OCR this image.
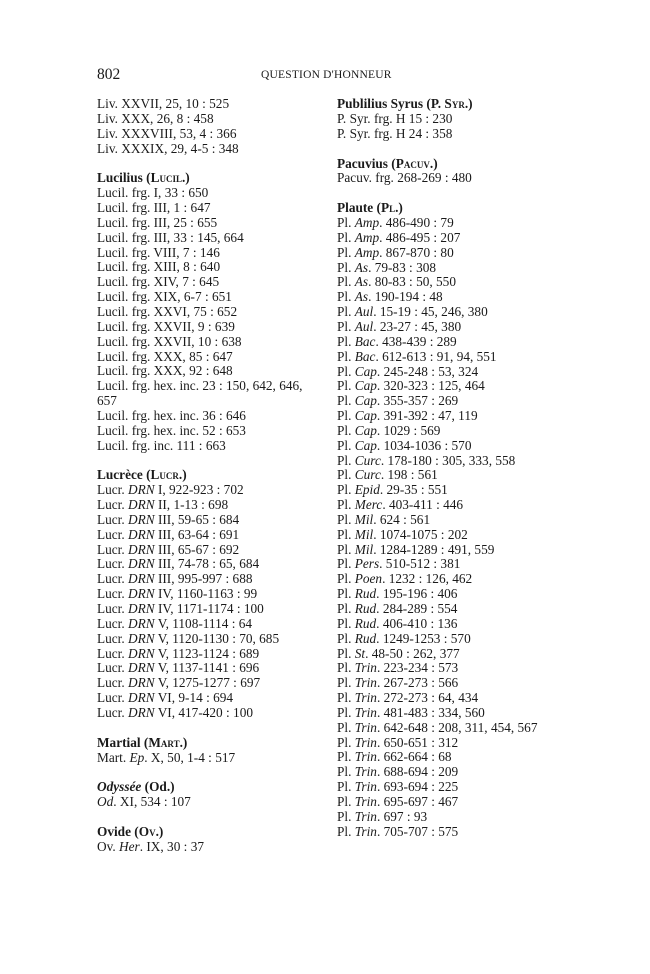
802	QUESTION D'HONNEUR
Liv. XXVII, 25, 10 : 525
Liv. XXX, 26, 8 : 458
Liv. XXXVIII, 53, 4 : 366
Liv. XXXIX, 29, 4-5 : 348
Lucilius (Lucil.)
Lucil. frg. I, 33 : 650
Lucil. frg. III, 1 : 647
Lucil. frg. III, 25 : 655
Lucil. frg. III, 33 : 145, 664
Lucil. frg. VIII, 7 : 146
Lucil. frg. XIII, 8 : 640
Lucil. frg. XIV, 7 : 645
Lucil. frg. XIX, 6-7 : 651
Lucil. frg. XXVI, 75 : 652
Lucil. frg. XXVII, 9 : 639
Lucil. frg. XXVII, 10 : 638
Lucil. frg. XXX, 85 : 647
Lucil. frg. XXX, 92 : 648
Lucil. frg. hex. inc. 23 : 150, 642, 646, 657
Lucil. frg. hex. inc. 36 : 646
Lucil. frg. hex. inc. 52 : 653
Lucil. frg. inc. 111 : 663
Lucrèce (Lucr.)
Lucr. DRN I, 922-923 : 702
Lucr. DRN II, 1-13 : 698
Lucr. DRN III, 59-65 : 684
Lucr. DRN III, 63-64 : 691
Lucr. DRN III, 65-67 : 692
Lucr. DRN III, 74-78 : 65, 684
Lucr. DRN III, 995-997 : 688
Lucr. DRN IV, 1160-1163 : 99
Lucr. DRN IV, 1171-1174 : 100
Lucr. DRN V, 1108-1114 : 64
Lucr. DRN V, 1120-1130 : 70, 685
Lucr. DRN V, 1123-1124 : 689
Lucr. DRN V, 1137-1141 : 696
Lucr. DRN V, 1275-1277 : 697
Lucr. DRN VI, 9-14 : 694
Lucr. DRN VI, 417-420 : 100
Martial (Mart.)
Mart. Ep. X, 50, 1-4 : 517
Odyssée (Od.)
Od. XI, 534 : 107
Ovide (Ov.)
Ov. Her. IX, 30 : 37
Publilius Syrus (P. Syr.)
P. Syr. frg. H 15 : 230
P. Syr. frg. H 24 : 358
Pacuvius (Pacuv.)
Pacuv. frg. 268-269 : 480
Plaute (Pl.)
Pl. Amp. 486-490 : 79
Pl. Amp. 486-495 : 207
Pl. Amp. 867-870 : 80
Pl. As. 79-83 : 308
Pl. As. 80-83 : 50, 550
Pl. As. 190-194 : 48
Pl. Aul. 15-19 : 45, 246, 380
Pl. Aul. 23-27 : 45, 380
Pl. Bac. 438-439 : 289
Pl. Bac. 612-613 : 91, 94, 551
Pl. Cap. 245-248 : 53, 324
Pl. Cap. 320-323 : 125, 464
Pl. Cap. 355-357 : 269
Pl. Cap. 391-392 : 47, 119
Pl. Cap. 1029 : 569
Pl. Cap. 1034-1036 : 570
Pl. Curc. 178-180 : 305, 333, 558
Pl. Curc. 198 : 561
Pl. Epid. 29-35 : 551
Pl. Merc. 403-411 : 446
Pl. Mil. 624 : 561
Pl. Mil. 1074-1075 : 202
Pl. Mil. 1284-1289 : 491, 559
Pl. Pers. 510-512 : 381
Pl. Poen. 1232 : 126, 462
Pl. Rud. 195-196 : 406
Pl. Rud. 284-289 : 554
Pl. Rud. 406-410 : 136
Pl. Rud. 1249-1253 : 570
Pl. St. 48-50 : 262, 377
Pl. Trin. 223-234 : 573
Pl. Trin. 267-273 : 566
Pl. Trin. 272-273 : 64, 434
Pl. Trin. 481-483 : 334, 560
Pl. Trin. 642-648 : 208, 311, 454, 567
Pl. Trin. 650-651 : 312
Pl. Trin. 662-664 : 68
Pl. Trin. 688-694 : 209
Pl. Trin. 693-694 : 225
Pl. Trin. 695-697 : 467
Pl. Trin. 697 : 93
Pl. Trin. 705-707 : 575
